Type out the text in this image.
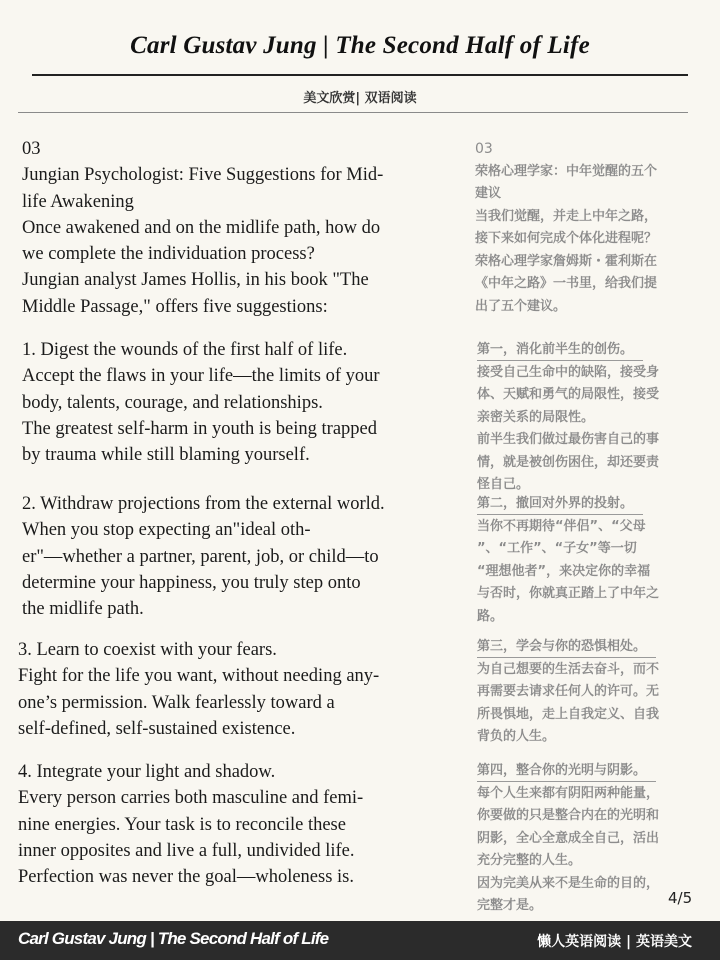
Carl Gustav Jung | The Second Half of Life
美文欣赏| 双语阅读
03
Jungian Psychologist: Five Suggestions for Mid-
life Awakening
Once awakened and on the midlife path, how do
we complete the individuation process?
Jungian analyst James Hollis, in his book "The
Middle Passage," offers five suggestions:
1. Digest the wounds of the first half of life.
Accept the flaws in your life—the limits of your
body, talents, courage, and relationships.
The greatest self-harm in youth is being trapped
by trauma while still blaming yourself.
2. Withdraw projections from the external world.
When you stop expecting an"ideal oth-
er"—whether a partner, parent, job, or child—to
determine your happiness, you truly step onto
the midlife path.
3. Learn to coexist with your fears.
Fight for the life you want, without needing any-
one’s permission. Walk fearlessly toward a
self-defined, self-sustained existence.
4. Integrate your light and shadow.
Every person carries both masculine and femi-
nine energies. Your task is to reconcile these
inner opposites and live a full, undivided life.
Perfection was never the goal—wholeness is.
03
荣格心理学家：中年觉醒的五个
建议
当我们觉醒，并走上中年之路，
接下来如何完成个体化进程呢？
荣格心理学家詹姆斯・霍利斯在
《中年之路》一书里，给我们提
出了五个建议。
第一，消化前半生的创伤。
接受自己生命中的缺陷，接受身
体、天赋和勇气的局限性，接受
亲密关系的局限性。
前半生我们做过最伤害自己的事
情，就是被创伤困住，却还要责
怪自己。
第二，撤回对外界的投射。
当你不再期待“伴侣”、“父母
”、“工作”、“子女”等一切
“理想他者”，来决定你的幸福
与否时，你就真正踏上了中年之
路。
第三，学会与你的恐惧相处。
为自己想要的生活去奋斗，而不
再需要去请求任何人的许可。无
所畏惧地，走上自我定义、自我
背负的人生。
第四，整合你的光明与阴影。
每个人生来都有阴阳两种能量，
你要做的只是整合内在的光明和
阴影，全心全意成全自己，活出
充分完整的人生。
因为完美从来不是生命的目的，
完整才是。	4/5
Carl Gustav Jung | The Second Half of Life	懒人英语阅读 | 英语美文
